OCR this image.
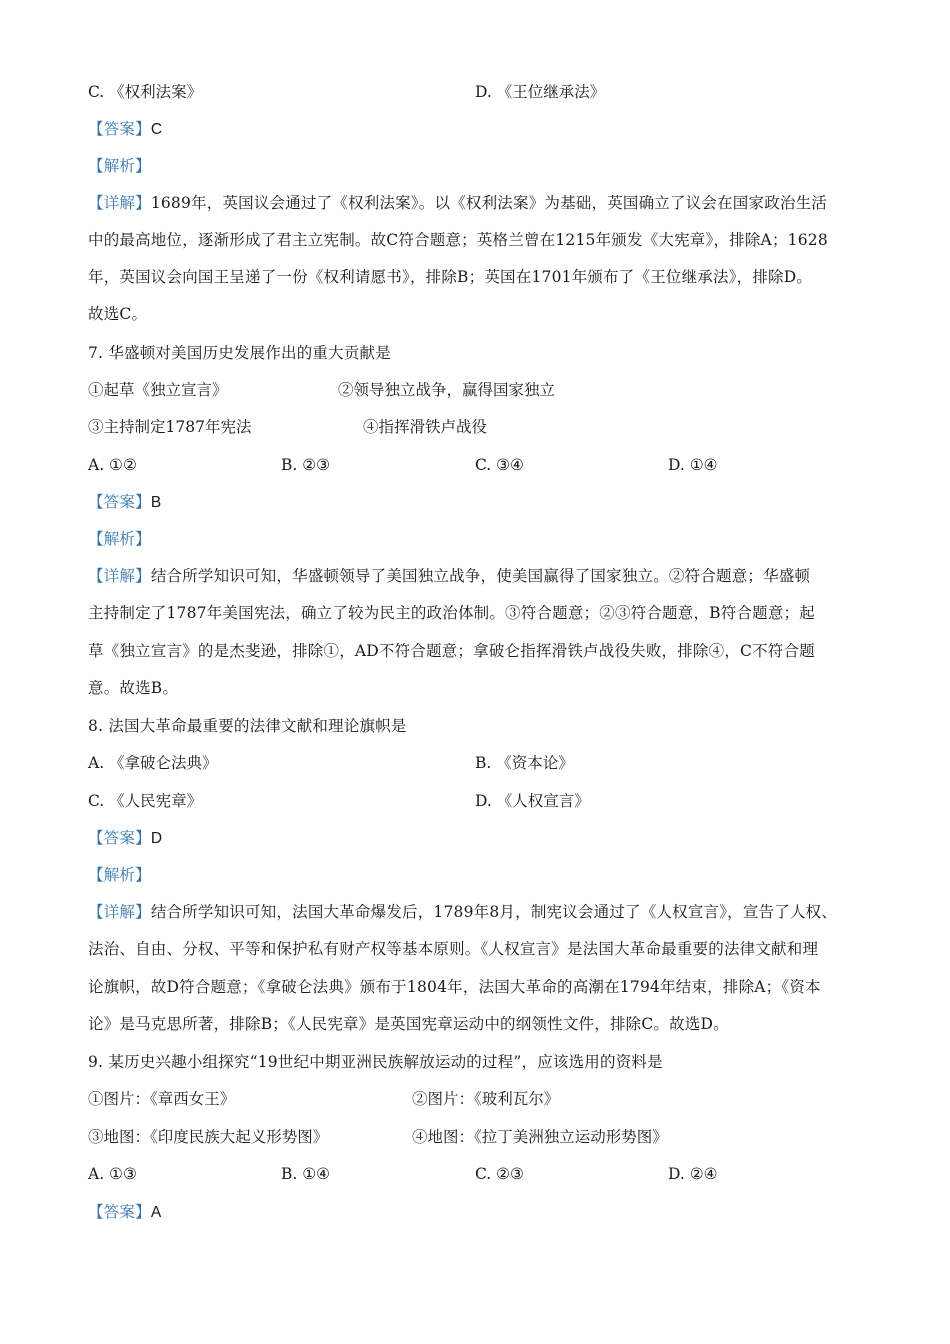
C. 《权利法案》	D. 《王位继承法》
【答案】C
【解析】
【详解】1689年，英国议会通过了《权利法案》。以《权利法案》为基础，英国确立了议会在国家政治生活
中的最高地位，逐渐形成了君主立宪制。故C符合题意；英格兰曾在1215年颁发《大宪章》，排除A；1628
年，英国议会向国王呈递了一份《权利请愿书》，排除B；英国在1701年颁布了《王位继承法》，排除D。
故选C。
7. 华盛顿对美国历史发展作出的重大贡献是
①起草《独立宣言》	②领导独立战争，赢得国家独立
③主持制定1787年宪法	④指挥滑铁卢战役
A. ①②	B. ②③	C. ③④	D. ①④
【答案】B
【解析】
【详解】结合所学知识可知，华盛顿领导了美国独立战争，使美国赢得了国家独立。②符合题意；华盛顿
主持制定了1787年美国宪法，确立了较为民主的政治体制。③符合题意；②③符合题意，B符合题意；起
草《独立宣言》的是杰斐逊，排除①，AD不符合题意；拿破仑指挥滑铁卢战役失败，排除④，C不符合题
意。故选B。
8. 法国大革命最重要的法律文献和理论旗帜是
A. 《拿破仑法典》	B. 《资本论》
C. 《人民宪章》	D. 《人权宣言》
【答案】D
【解析】
【详解】结合所学知识可知，法国大革命爆发后，1789年8月，制宪议会通过了《人权宣言》，宣告了人权、
法治、自由、分权、平等和保护私有财产权等基本原则。《人权宣言》是法国大革命最重要的法律文献和理
论旗帜，故D符合题意；《拿破仑法典》颁布于1804年，法国大革命的高潮在1794年结束，排除A；《资本
论》是马克思所著，排除B；《人民宪章》是英国宪章运动中的纲领性文件，排除C。故选D。
9. 某历史兴趣小组探究“19世纪中期亚洲民族解放运动的过程”，应该选用的资料是
①图片：《章西女王》	②图片：《玻利瓦尔》
③地图：《印度民族大起义形势图》	④地图：《拉丁美洲独立运动形势图》
A. ①③	B. ①④	C. ②③	D. ②④
【答案】A
